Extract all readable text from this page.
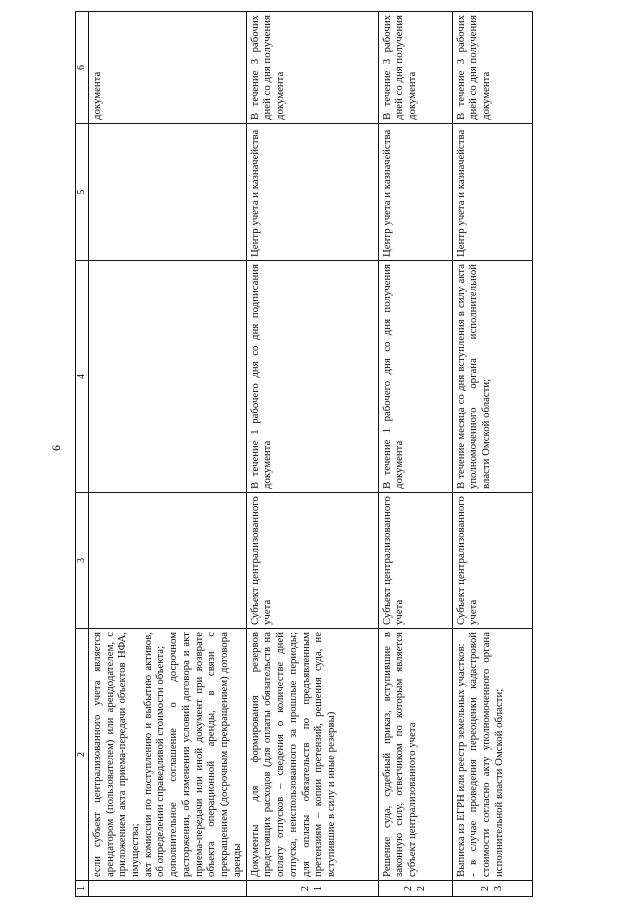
6
1	2	3	4	5	6

	если субъект централизованного учета является арендатором (пользователем) или арендодателем, с приложением акта приема-передачи объектов НФА, имущества; акт комиссии по поступлению и выбытию активов, об определении справедливой стоимости объекта; дополнительное соглашение о досрочном расторжении, об изменении условий договора и акт приема-передачи или иной документ при возврате объекта операционной аренды, в связи с прекращением (досрочным прекращением) договора аренды				документа
21	Документы для формирования резервов предстоящих расходов (для оплаты обязательств на оплату отпусков – сведения о количестве дней отпуска, неиспользованного за прошлые периоды; для оплаты обязательств по предъявленным претензиям – копии претензий, решения суда, не вступившие в силу и иные резервы)	Субъект централизованного учета	В течение 1 рабочего дня со дня подписания документа	Центр учета и казначейства	В течение 3 рабочих дней со дня получения документа
22	Решение суда, судебный приказ, вступившие в законную силу, ответчиком по которым является субъект централизованного учета	Субъект централизованного учета	В течение 1 рабочего дня со дня получения документа	Центр учета и казначейства	В течение 3 рабочих дней со дня получения документа
23	Выписка из ЕГРН или реестр земельных участков: - в случае проведения переоценки кадастровой стоимости согласно акту уполномоченного органа исполнительной власти Омской области;	Субъект централизованного учета	В течение месяца со дня вступления в силу акта уполномоченного органа исполнительной власти Омской области;	Центр учета и казначейства	В течение 3 рабочих дней со дня получения документа
